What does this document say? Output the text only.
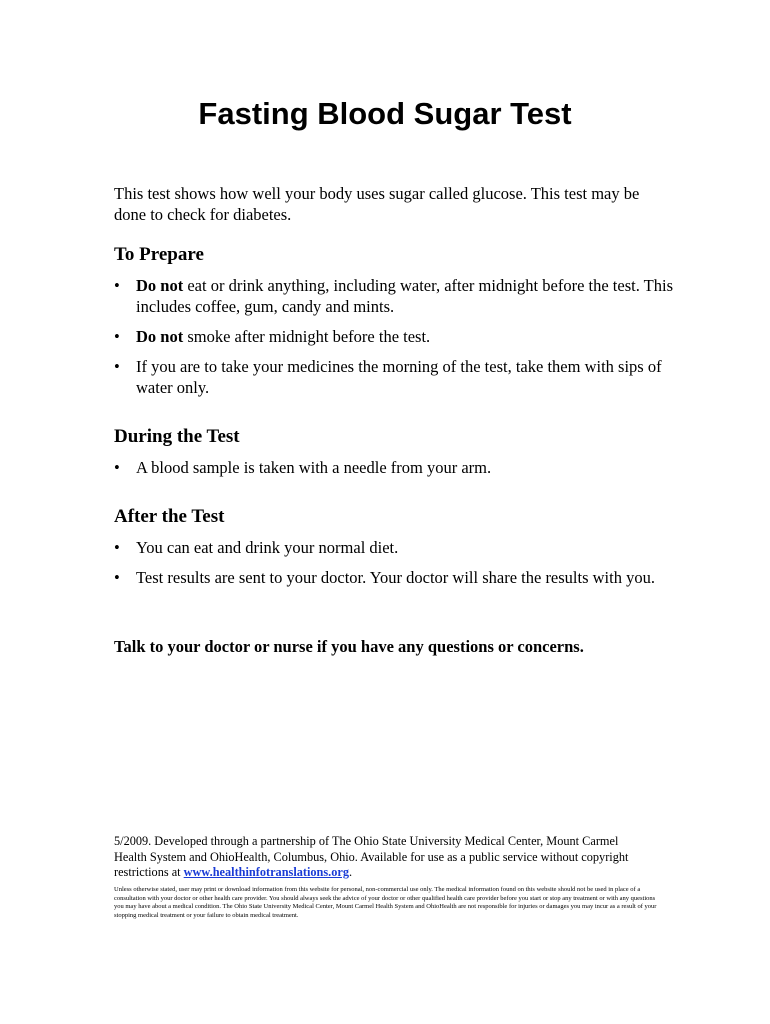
Fasting Blood Sugar Test

This test shows how well your body uses sugar called glucose. This test may be done to check for diabetes.

To Prepare
• Do not eat or drink anything, including water, after midnight before the test. This includes coffee, gum, candy and mints.
• Do not smoke after midnight before the test.
• If you are to take your medicines the morning of the test, take them with sips of water only.
During the Test
• A blood sample is taken with a needle from your arm.
After the Test
• You can eat and drink your normal diet.
• Test results are sent to your doctor. Your doctor will share the results with you.

Talk to your doctor or nurse if you have any questions or concerns.

5/2009. Developed through a partnership of The Ohio State University Medical Center, Mount Carmel Health System and OhioHealth, Columbus, Ohio. Available for use as a public service without copyright restrictions at www.healthinfotranslations.org.

Unless otherwise stated, user may print or download information from this website for personal, non-commercial use only. The medical information found on this website should not be used in place of a consultation with your doctor or other health care provider. You should always seek the advice of your doctor or other qualified health care provider before you start or stop any treatment or with any questions you may have about a medical condition. The Ohio State University Medical Center, Mount Carmel Health System and OhioHealth are not responsible for injuries or damages you may incur as a result of your stopping medical treatment or your failure to obtain medical treatment.
